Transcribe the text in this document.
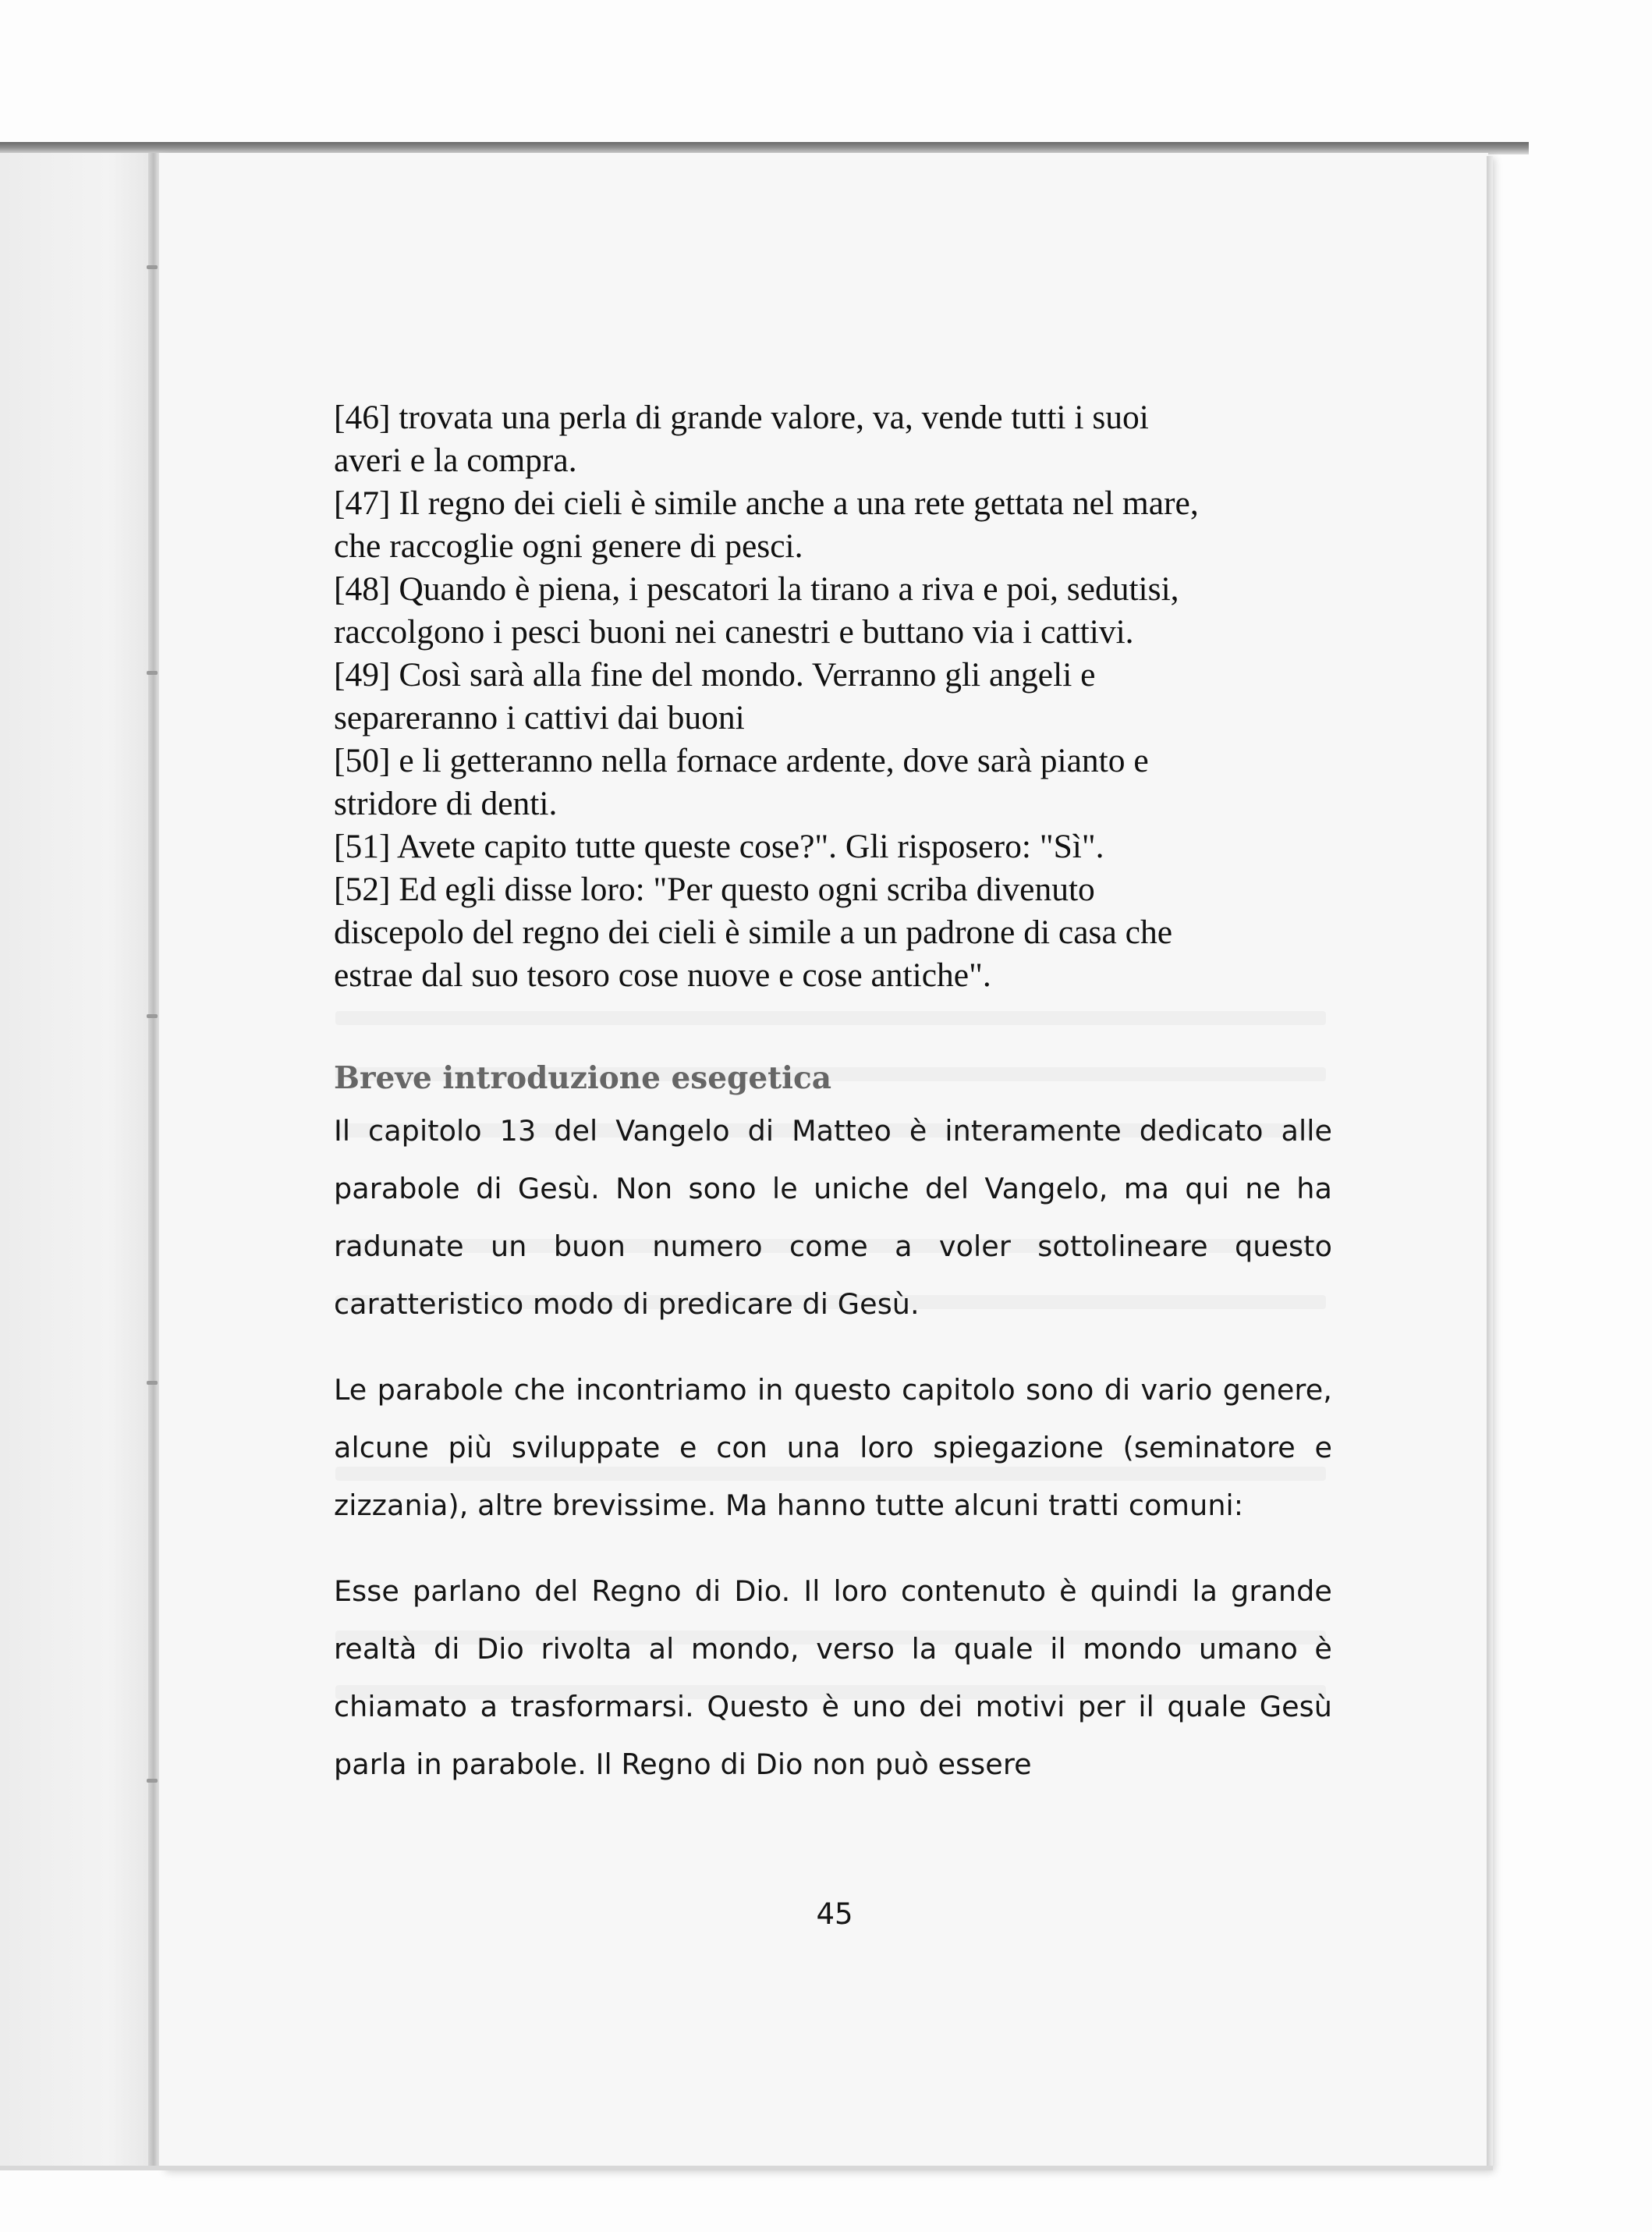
[46] trovata una perla di grande valore, va, vende tutti i suoi
averi e la compra.

[47] Il regno dei cieli è simile anche a una rete gettata nel mare,
che raccoglie ogni genere di pesci.

[48] Quando è piena, i pescatori la tirano a riva e poi, sedutisi,
raccolgono i pesci buoni nei canestri e buttano via i cattivi.

[49] Così sarà alla fine del mondo. Verranno gli angeli e
separeranno i cattivi dai buoni

[50] e li getteranno nella fornace ardente, dove sarà pianto e
stridore di denti.

[51] Avete capito tutte queste cose?". Gli risposero: "Sì".

[52] Ed egli disse loro: "Per questo ogni scriba divenuto
discepolo del regno dei cieli è simile a un padrone di casa che
estrae dal suo tesoro cose nuove e cose antiche".

Breve introduzione esegetica

Il capitolo 13 del Vangelo di Matteo è interamente dedicato alle parabole di Gesù. Non sono le uniche del Vangelo, ma qui ne ha radunate un buon numero come a voler sottolineare questo caratteristico modo di predicare di Gesù.

Le parabole che incontriamo in questo capitolo sono di vario genere, alcune più sviluppate e con una loro spiegazione (seminatore e zizzania), altre brevissime. Ma hanno tutte alcuni tratti comuni:

Esse parlano del Regno di Dio. Il loro contenuto è quindi la grande realtà di Dio rivolta al mondo, verso la quale il mondo umano è chiamato a trasformarsi. Questo è uno dei motivi per il quale Gesù parla in parabole. Il Regno di Dio non può essere

45
